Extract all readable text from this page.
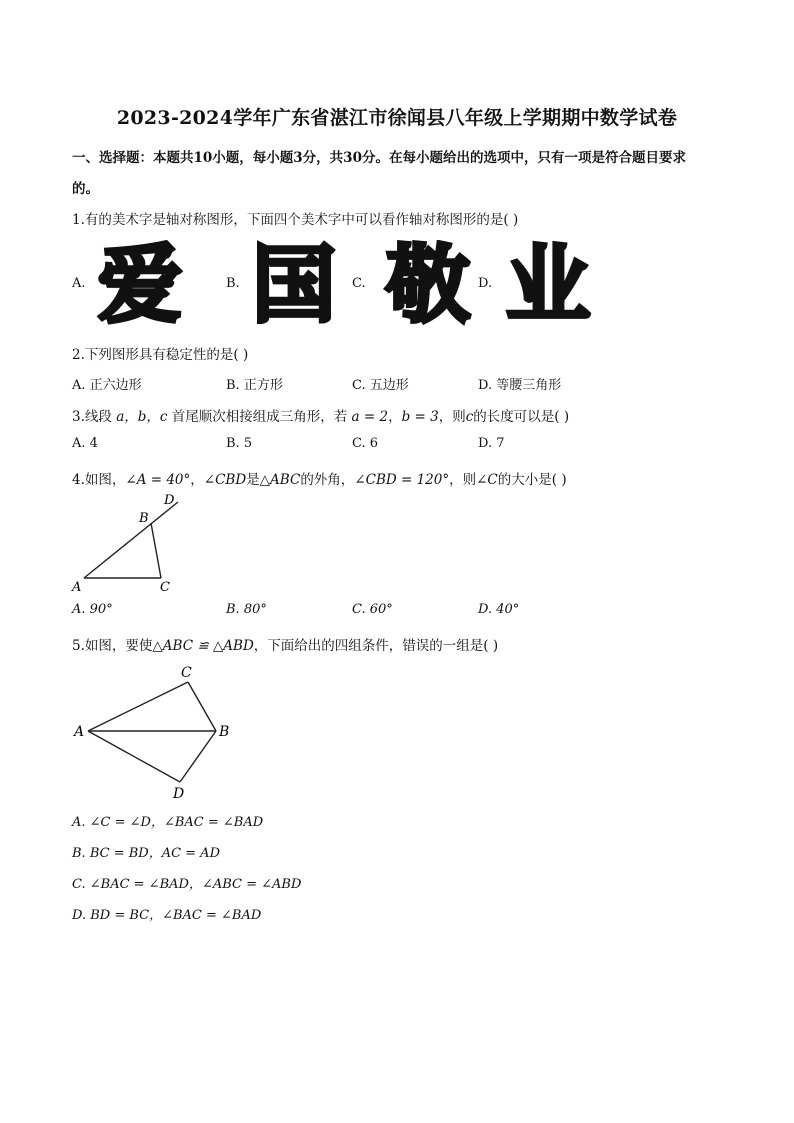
2023-2024学年广东省湛江市徐闻县八年级上学期期中数学试卷
一、选择题：本题共10小题，每小题3分，共30分。在每小题给出的选项中，只有一项是符合题目要求
的。
1.有的美术字是轴对称图形，下面四个美术字中可以看作轴对称图形的是( )
A. 爱	B. 国 C. 敬 D. 业
2.下列图形具有稳定性的是( )
A. 正六边形	B. 正方形	C. 五边形	D. 等腰三角形
3.线段 a，b，c 首尾顺次相接组成三角形，若 a = 2，b = 3，则c的长度可以是( )
A. 4	B. 5	C. 6	D. 7
4.如图，∠A = 40°，∠CBD是△ABC的外角，∠CBD = 120°，则∠C的大小是( )
A
B
C
D
A. 90°	B. 80°	C. 60°	D. 40°
5.如图，要使△ABC ≌ △ABD，下面给出的四组条件，错误的一组是( )
A
C
B
D
A. ∠C = ∠D，∠BAC = ∠BAD
B. BC = BD，AC = AD
C. ∠BAC = ∠BAD，∠ABC = ∠ABD
D. BD = BC，∠BAC = ∠BAD
